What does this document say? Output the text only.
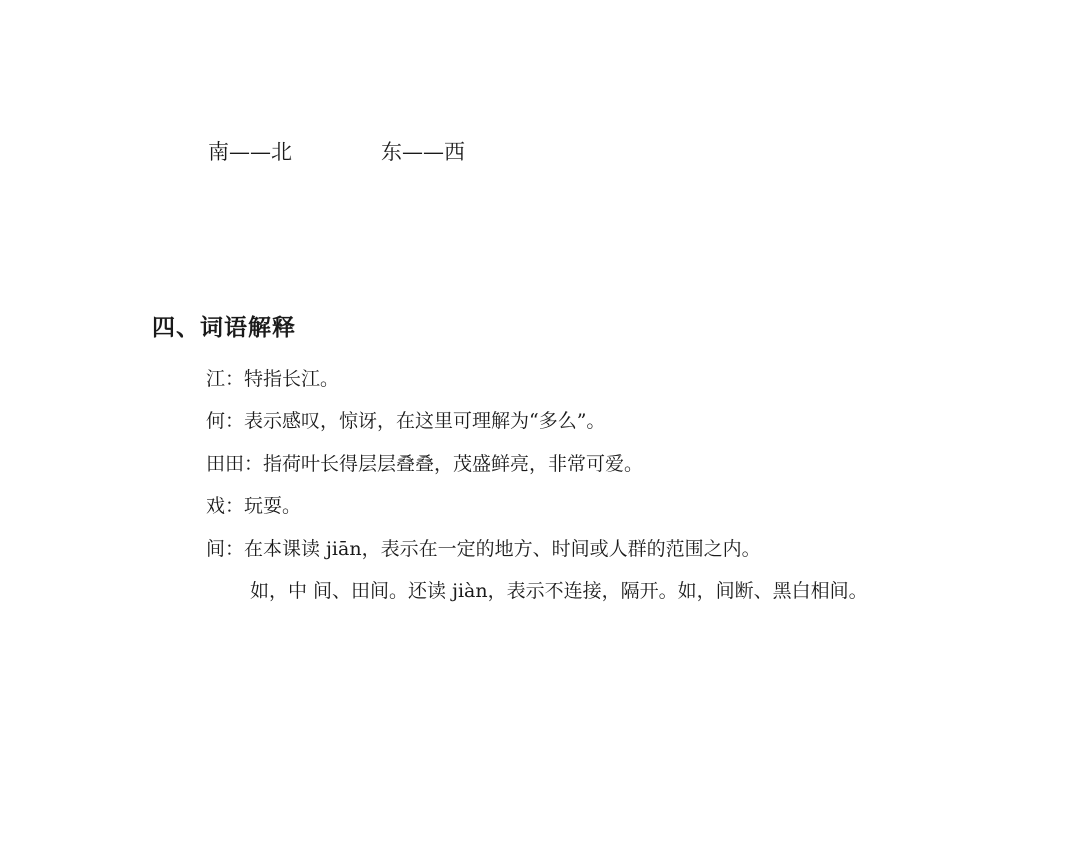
南——北	东——西
四、词语解释
江：特指长江。
何：表示感叹，惊讶，在这里可理解为“多么”。
田田：指荷叶长得层层叠叠，茂盛鲜亮，非常可爱。
戏：玩耍。
间：在本课读 jiān，表示在一定的地方、时间或人群的范围之内。
如，中 间、田间。还读 jiàn，表示不连接，隔开。如，间断、黑白相间。
